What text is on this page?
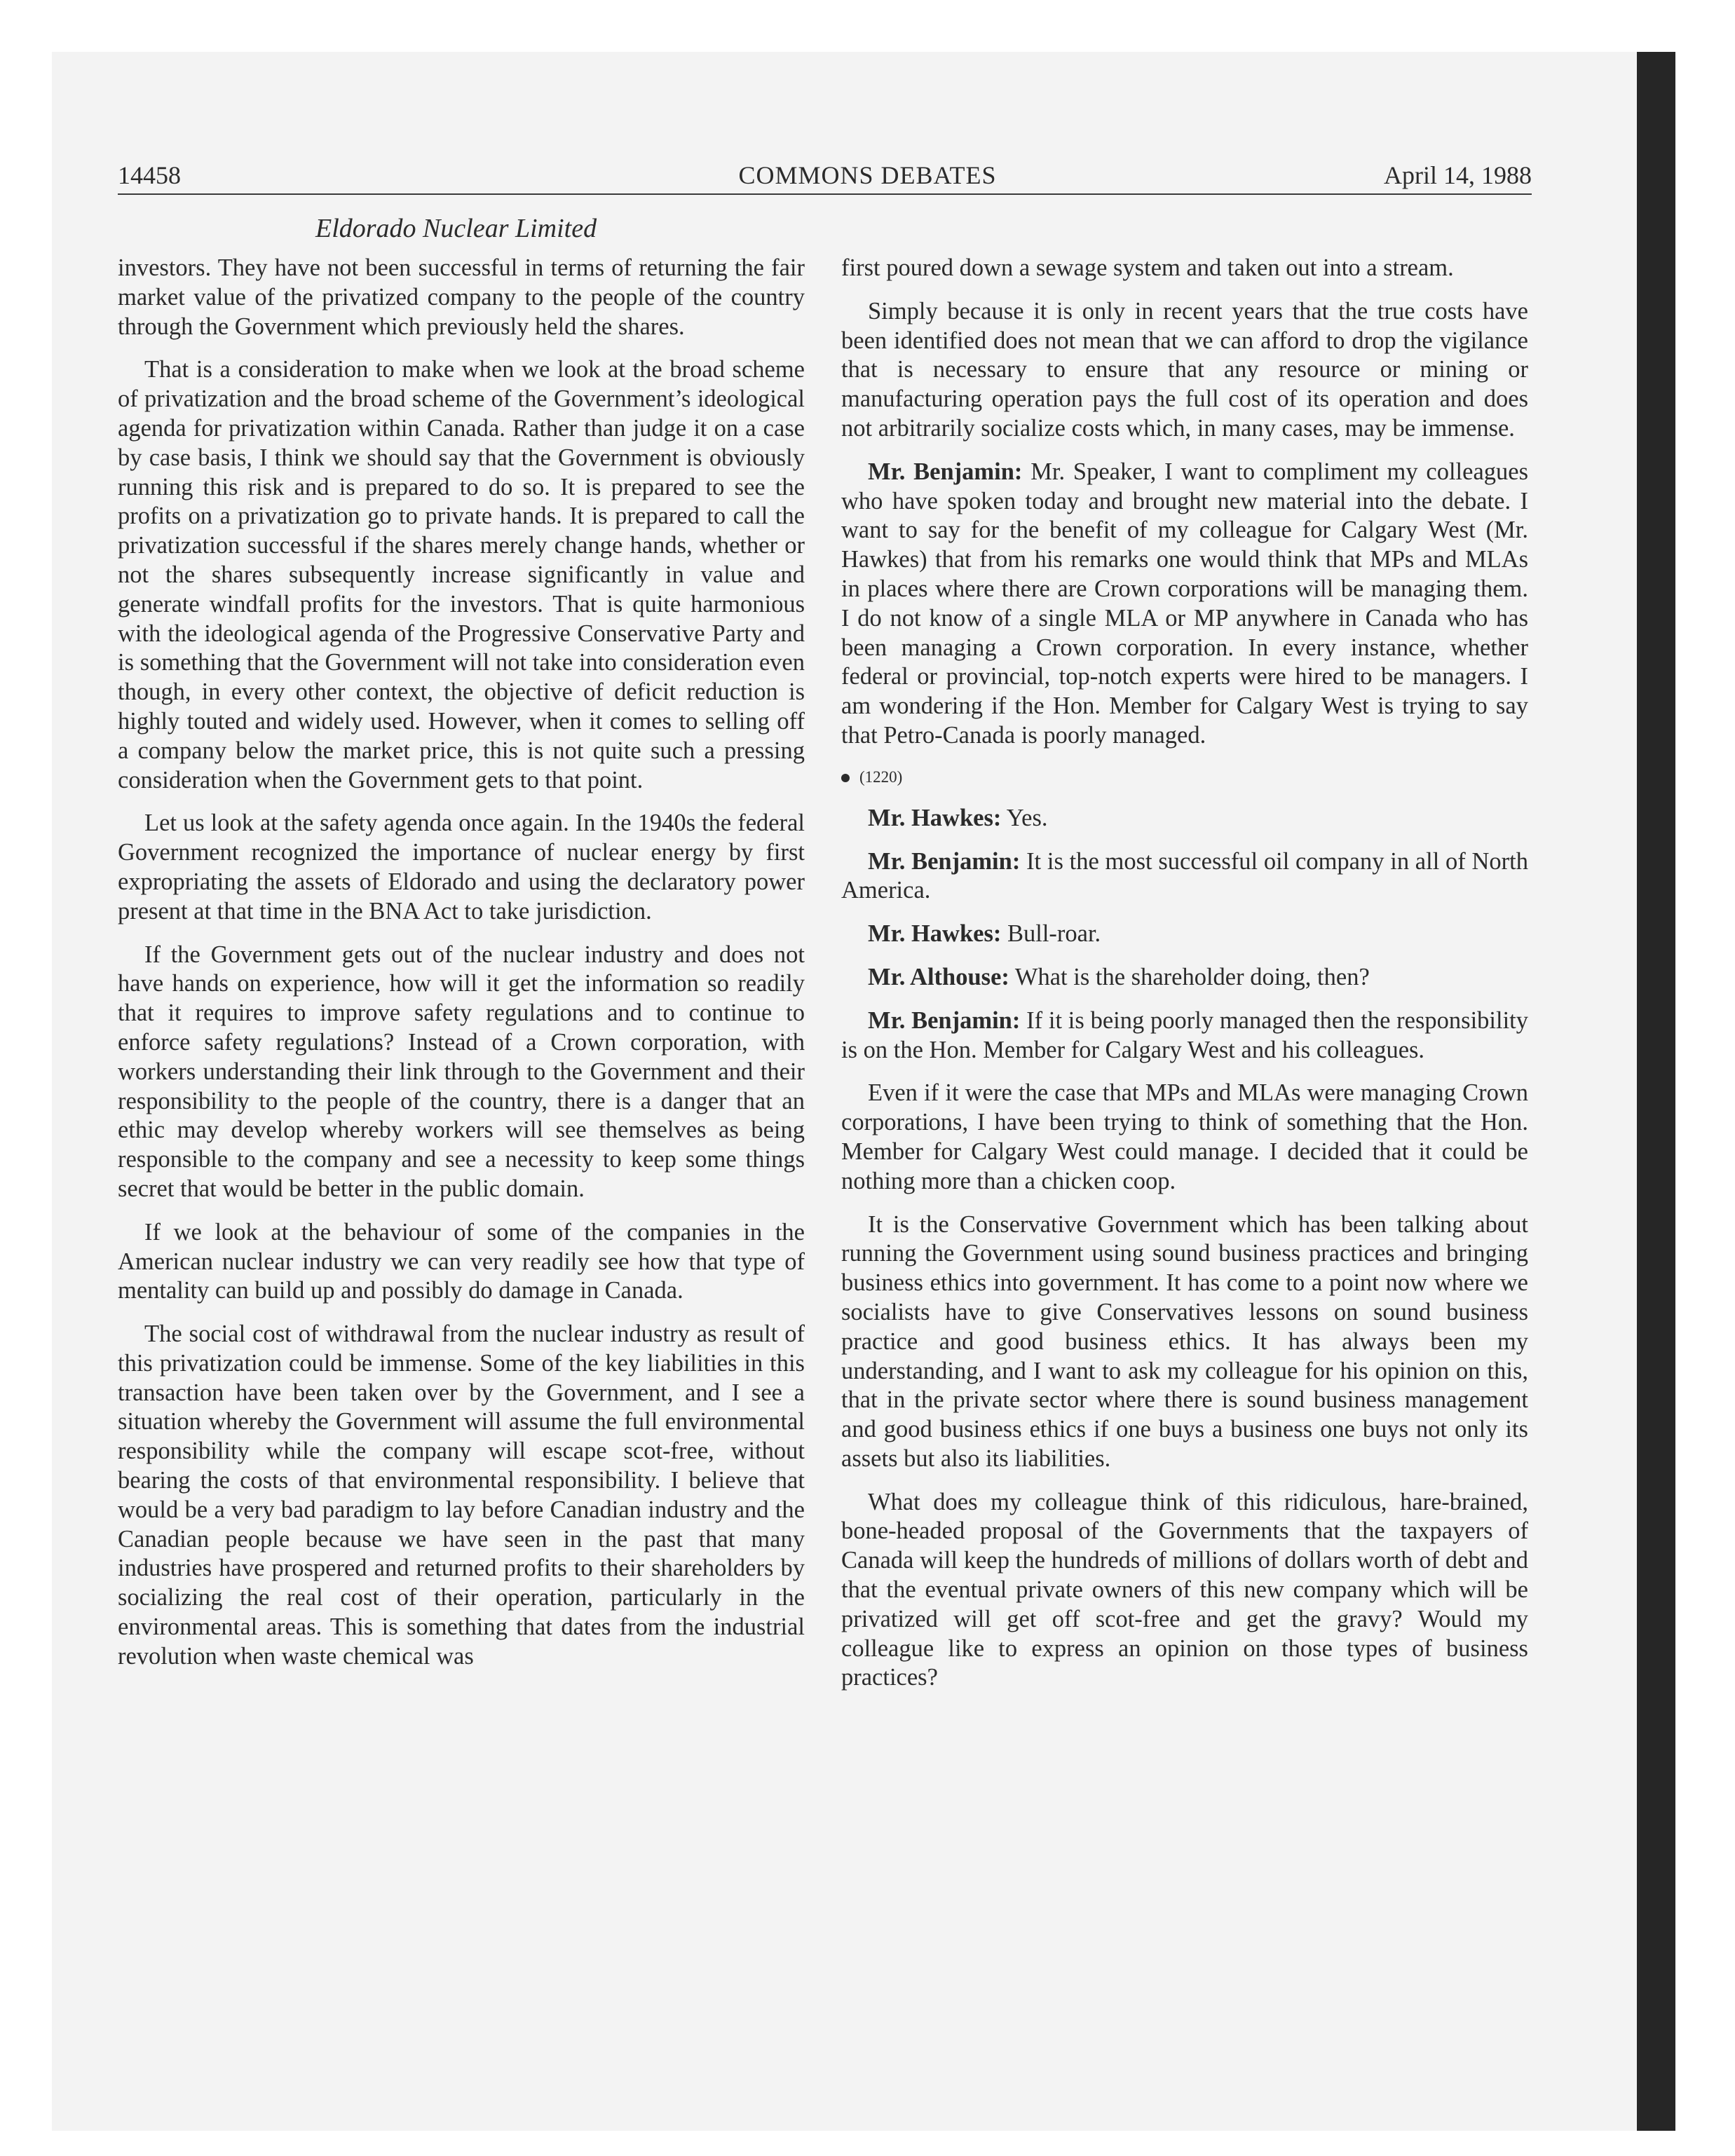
14458	COMMONS DEBATES	April 14, 1988
Eldorado Nuclear Limited

investors. They have not been successful in terms of returning the fair market value of the privatized company to the people of the country through the Government which previously held the shares.

That is a consideration to make when we look at the broad scheme of privatization and the broad scheme of the Government’s ideological agenda for privatization within Canada. Rather than judge it on a case by case basis, I think we should say that the Government is obviously running this risk and is prepared to do so. It is prepared to see the profits on a privatization go to private hands. It is prepared to call the privatization successful if the shares merely change hands, whether or not the shares subsequently increase significantly in value and generate windfall profits for the investors. That is quite harmonious with the ideological agenda of the Progressive Conservative Party and is something that the Government will not take into consideration even though, in every other context, the objective of deficit reduction is highly touted and widely used. However, when it comes to selling off a company below the market price, this is not quite such a pressing consideration when the Government gets to that point.

Let us look at the safety agenda once again. In the 1940s the federal Government recognized the importance of nuclear energy by first expropriating the assets of Eldorado and using the declaratory power present at that time in the BNA Act to take jurisdiction.

If the Government gets out of the nuclear industry and does not have hands on experience, how will it get the information so readily that it requires to improve safety regulations and to continue to enforce safety regulations? Instead of a Crown corporation, with workers understanding their link through to the Government and their responsibility to the people of the country, there is a danger that an ethic may develop whereby workers will see themselves as being responsible to the company and see a necessity to keep some things secret that would be better in the public domain.

If we look at the behaviour of some of the companies in the American nuclear industry we can very readily see how that type of mentality can build up and possibly do damage in Canada.

The social cost of withdrawal from the nuclear industry as result of this privatization could be immense. Some of the key liabilities in this transaction have been taken over by the Government, and I see a situation whereby the Government will assume the full environmental responsibility while the company will escape scot-free, without bearing the costs of that environmental responsibility. I believe that would be a very bad paradigm to lay before Canadian industry and the Canadian people because we have seen in the past that many industries have prospered and returned profits to their shareholders by socializing the real cost of their operation, particularly in the environmental areas. This is something that dates from the industrial revolution when waste chemical was

first poured down a sewage system and taken out into a stream.

Simply because it is only in recent years that the true costs have been identified does not mean that we can afford to drop the vigilance that is necessary to ensure that any resource or mining or manufacturing operation pays the full cost of its operation and does not arbitrarily socialize costs which, in many cases, may be immense.

Mr. Benjamin: Mr. Speaker, I want to compliment my colleagues who have spoken today and brought new material into the debate. I want to say for the benefit of my colleague for Calgary West (Mr. Hawkes) that from his remarks one would think that MPs and MLAs in places where there are Crown corporations will be managing them. I do not know of a single MLA or MP anywhere in Canada who has been managing a Crown corporation. In every instance, whether federal or provincial, top-notch experts were hired to be managers. I am wondering if the Hon. Member for Calgary West is trying to say that Petro-Canada is poorly managed.

(1220)

Mr. Hawkes: Yes.

Mr. Benjamin: It is the most successful oil company in all of North America.

Mr. Hawkes: Bull-roar.

Mr. Althouse: What is the shareholder doing, then?

Mr. Benjamin: If it is being poorly managed then the responsibility is on the Hon. Member for Calgary West and his colleagues.

Even if it were the case that MPs and MLAs were managing Crown corporations, I have been trying to think of something that the Hon. Member for Calgary West could manage. I decided that it could be nothing more than a chicken coop.

It is the Conservative Government which has been talking about running the Government using sound business practices and bringing business ethics into government. It has come to a point now where we socialists have to give Conservatives lessons on sound business practice and good business ethics. It has always been my understanding, and I want to ask my colleague for his opinion on this, that in the private sector where there is sound business management and good business ethics if one buys a business one buys not only its assets but also its liabilities.

What does my colleague think of this ridiculous, hare-brained, bone-headed proposal of the Governments that the taxpayers of Canada will keep the hundreds of millions of dollars worth of debt and that the eventual private owners of this new company which will be privatized will get off scot-free and get the gravy? Would my colleague like to express an opinion on those types of business practices?
